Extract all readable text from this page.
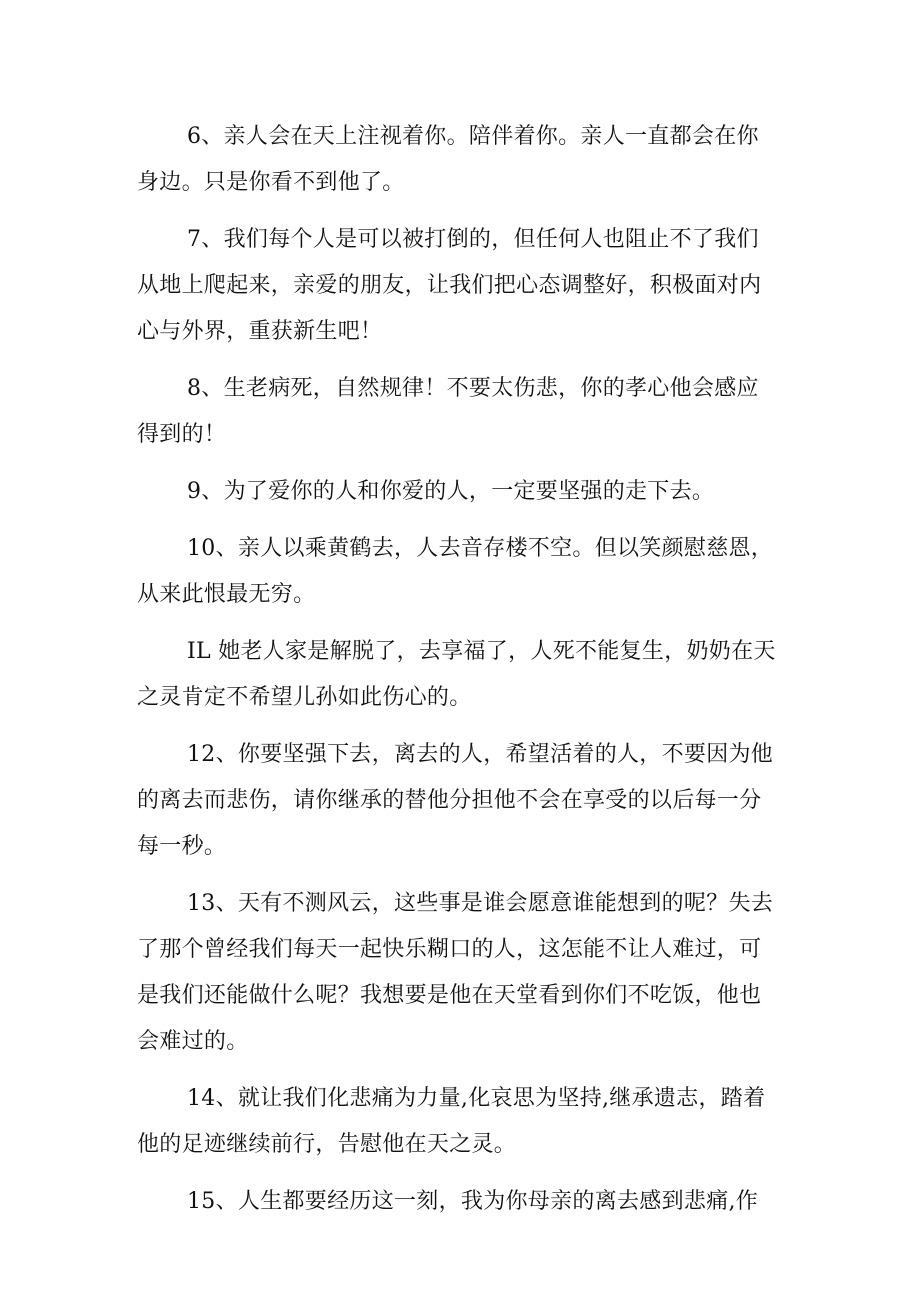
6、亲人会在天上注视着你。陪伴着你。亲人一直都会在你
身边。只是你看不到他了。

7、我们每个人是可以被打倒的，但任何人也阻止不了我们
从地上爬起来，亲爱的朋友，让我们把心态调整好，积极面对内
心与外界，重获新生吧！

8、生老病死，自然规律！不要太伤悲，你的孝心他会感应
得到的！

9、为了爱你的人和你爱的人，一定要坚强的走下去。

10、亲人以乘黄鹤去，人去音存楼不空。但以笑颜慰慈恩，
从来此恨最无穷。

IL 她老人家是解脱了，去享福了，人死不能复生，奶奶在天
之灵肯定不希望儿孙如此伤心的。

12、你要坚强下去，离去的人，希望活着的人，不要因为他
的离去而悲伤，请你继承的替他分担他不会在享受的以后每一分
每一秒。

13、天有不测风云，这些事是谁会愿意谁能想到的呢？失去
了那个曾经我们每天一起快乐糊口的人，这怎能不让人难过，可
是我们还能做什么呢？我想要是他在天堂看到你们不吃饭，他也
会难过的。

14、就让我们化悲痛为力量,化哀思为坚持,继承遗志，踏着
他的足迹继续前行，告慰他在天之灵。

15、人生都要经历这一刻，我为你母亲的离去感到悲痛,作
